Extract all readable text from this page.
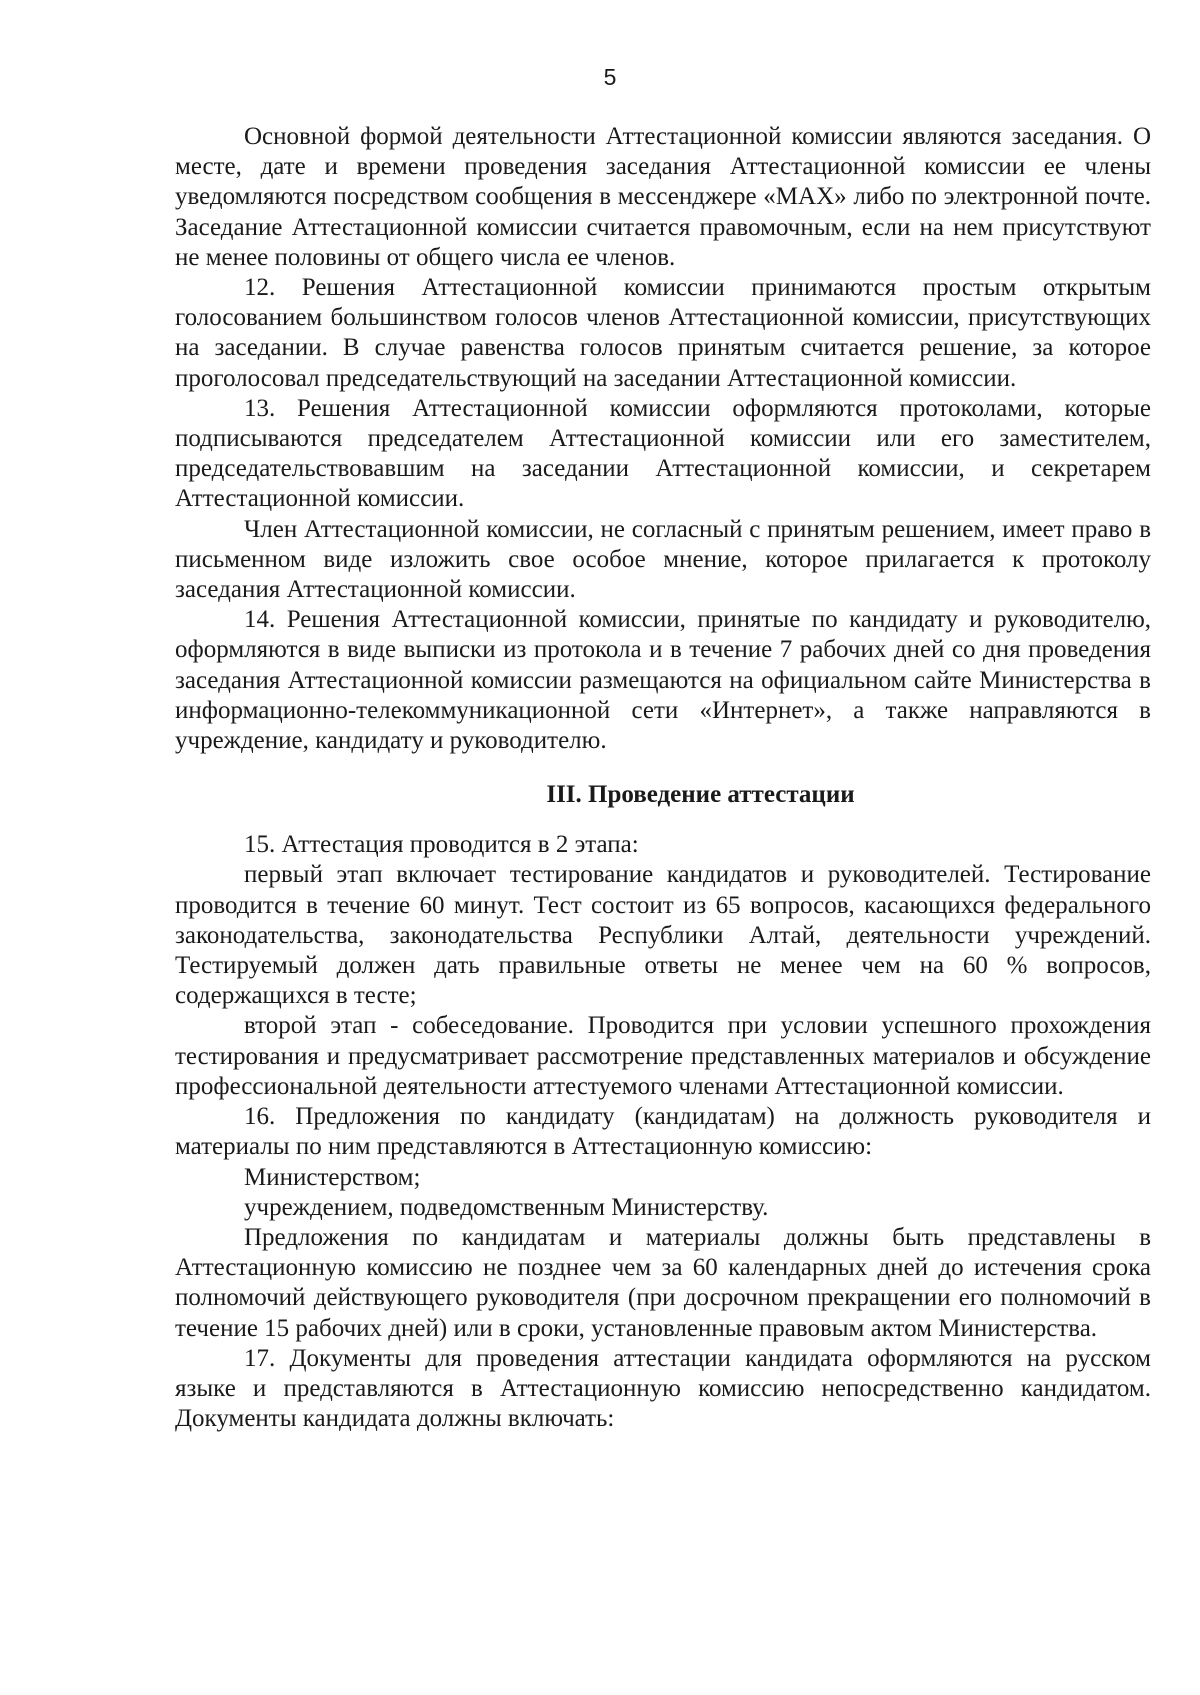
5

Основной формой деятельности Аттестационной комиссии являются заседания. О месте, дате и времени проведения заседания Аттестационной комиссии ее члены уведомляются посредством сообщения в мессенджере «MAX» либо по электронной почте. Заседание Аттестационной комиссии считается правомочным, если на нем присутствуют не менее половины от общего числа ее членов.

12. Решения Аттестационной комиссии принимаются простым открытым голосованием большинством голосов членов Аттестационной комиссии, присутствующих на заседании. В случае равенства голосов принятым считается решение, за которое проголосовал председательствующий на заседании Аттестационной комиссии.

13. Решения Аттестационной комиссии оформляются протоколами, которые подписываются председателем Аттестационной комиссии или его заместителем, председательствовавшим на заседании Аттестационной комиссии, и секретарем Аттестационной комиссии.

Член Аттестационной комиссии, не согласный с принятым решением, имеет право в письменном виде изложить свое особое мнение, которое прилагается к протоколу заседания Аттестационной комиссии.

14. Решения Аттестационной комиссии, принятые по кандидату и руководителю, оформляются в виде выписки из протокола и в течение 7 рабочих дней со дня проведения заседания Аттестационной комиссии размещаются на официальном сайте Министерства в информационно-телекоммуникационной сети «Интернет», а также направляются в учреждение, кандидату и руководителю.

III. Проведение аттестации

15. Аттестация проводится в 2 этапа:

первый этап включает тестирование кандидатов и руководителей. Тестирование проводится в течение 60 минут. Тест состоит из 65 вопросов, касающихся федерального законодательства, законодательства Республики Алтай, деятельности учреждений. Тестируемый должен дать правильные ответы не менее чем на 60 % вопросов, содержащихся в тесте;

второй этап - собеседование. Проводится при условии успешного прохождения тестирования и предусматривает рассмотрение представленных материалов и обсуждение профессиональной деятельности аттестуемого членами Аттестационной комиссии.

16. Предложения по кандидату (кандидатам) на должность руководителя и материалы по ним представляются в Аттестационную комиссию:

Министерством;

учреждением, подведомственным Министерству.

Предложения по кандидатам и материалы должны быть представлены в Аттестационную комиссию не позднее чем за 60 календарных дней до истечения срока полномочий действующего руководителя (при досрочном прекращении его полномочий в течение 15 рабочих дней) или в сроки, установленные правовым актом Министерства.

17. Документы для проведения аттестации кандидата оформляются на русском языке и представляются в Аттестационную комиссию непосредственно кандидатом. Документы кандидата должны включать:
